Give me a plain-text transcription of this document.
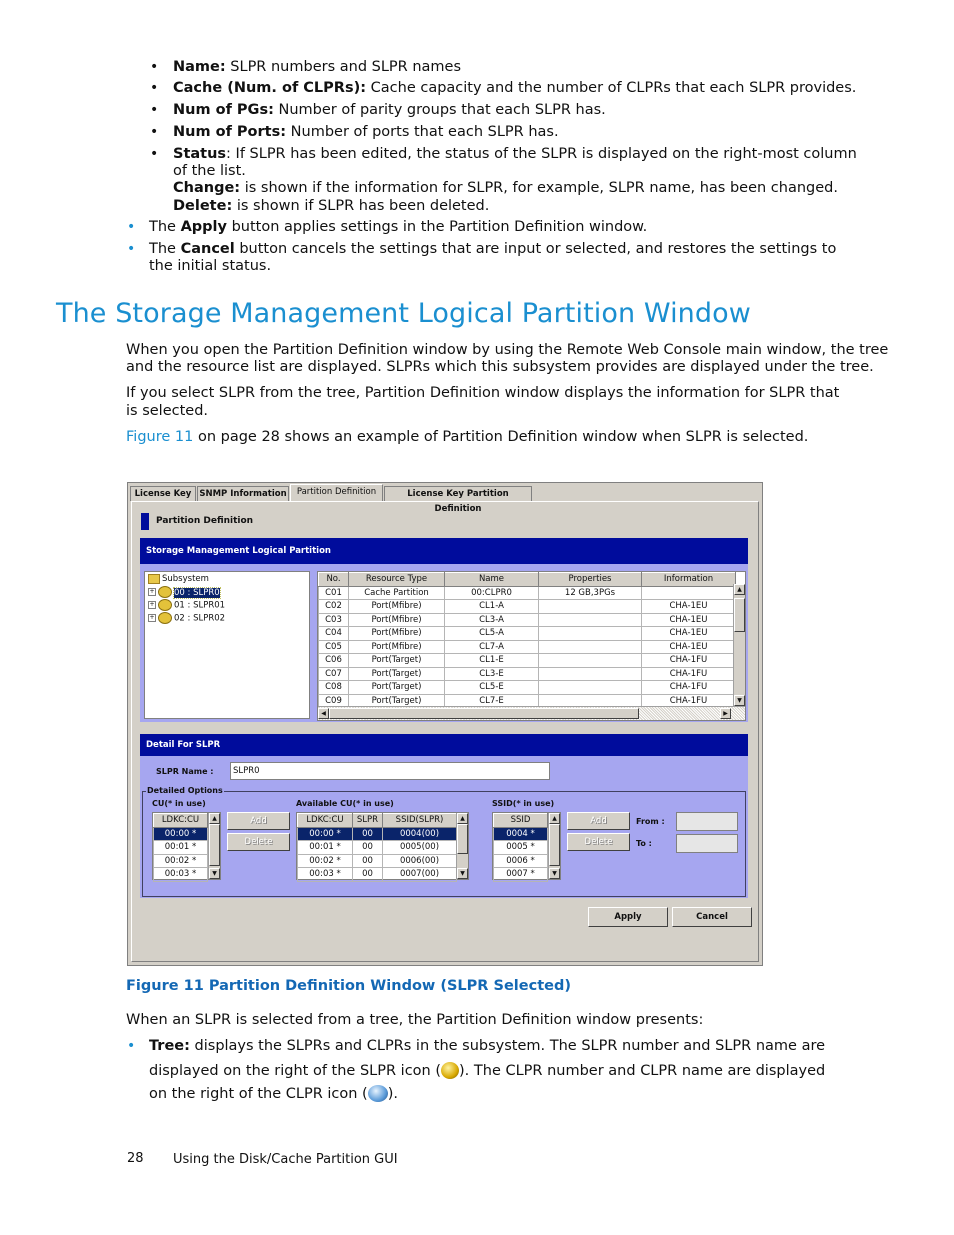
• Name: SLPR numbers and SLPR names
• Cache (Num. of CLPRs): Cache capacity and the number of CLPRs that each SLPR provides.
• Num of PGs: Number of parity groups that each SLPR has.
• Num of Ports: Number of ports that each SLPR has.
• Status: If SLPR has been edited, the status of the SLPR is displayed on the right-most column
of the list.
Change: is shown if the information for SLPR, for example, SLPR name, has been changed.
Delete: is shown if SLPR has been deleted.
• The Apply button applies settings in the Partition Definition window.
• The Cancel button cancels the settings that are input or selected, and restores the settings to
the initial status.
The Storage Management Logical Partition Window
When you open the Partition Definition window by using the Remote Web Console main window, the tree
and the resource list are displayed. SLPRs which this subsystem provides are displayed under the tree.
If you select SLPR from the tree, Partition Definition window displays the information for SLPR that
is selected.
Figure 11 on page 28 shows an example of Partition Definition window when SLPR is selected.
License Key SNMP Information	Partition Definition	License Key Partition Definition
Partition Definition
Storage Management Logical Partition
Subsystem
+ 00 : SLPR0
+ 01 : SLPR01
+ 02 : SLPR02
No.	Resource Type	Name	Properties	Information
C01	Cache Partition	00:CLPR0	12 GB,3PGs	
C02	Port(Mfibre)	CL1-A		CHA-1EU
C03	Port(Mfibre)	CL3-A		CHA-1EU
C04	Port(Mfibre)	CL5-A		CHA-1EU
C05	Port(Mfibre)	CL7-A		CHA-1EU
C06	Port(Target)	CL1-E		CHA-1FU
C07	Port(Target)	CL3-E		CHA-1FU
C08	Port(Target)	CL5-E		CHA-1FU
C09	Port(Target)	CL7-E		CHA-1FU
▲
▼
◀	▶
Detail For SLPR
SLPR Name :	SLPR0
Detailed Options
CU(* in use)
LDKC:CU
00:00 *
00:01 *
00:02 *
00:03 *
▲
▼
Add
Delete
Available CU(* in use)
LDKC:CU	SLPR	SSID(SLPR)
00:00 *	00	0004(00)
00:01 *	00	0005(00)
00:02 *	00	0006(00)
00:03 *	00	0007(00)
▲
▼
SSID(* in use)
SSID
0004 *
0005 *
0006 *
0007 *
▲
▼
Add
Delete
From :
To :
Apply	Cancel
Figure 11 Partition Definition Window (SLPR Selected)
When an SLPR is selected from a tree, the Partition Definition window presents:
• Tree: displays the SLPRs and CLPRs in the subsystem. The SLPR number and SLPR name are
displayed on the right of the SLPR icon ( ). The CLPR number and CLPR name are displayed
on the right of the CLPR icon ( ).
28 Using the Disk/Cache Partition GUI
